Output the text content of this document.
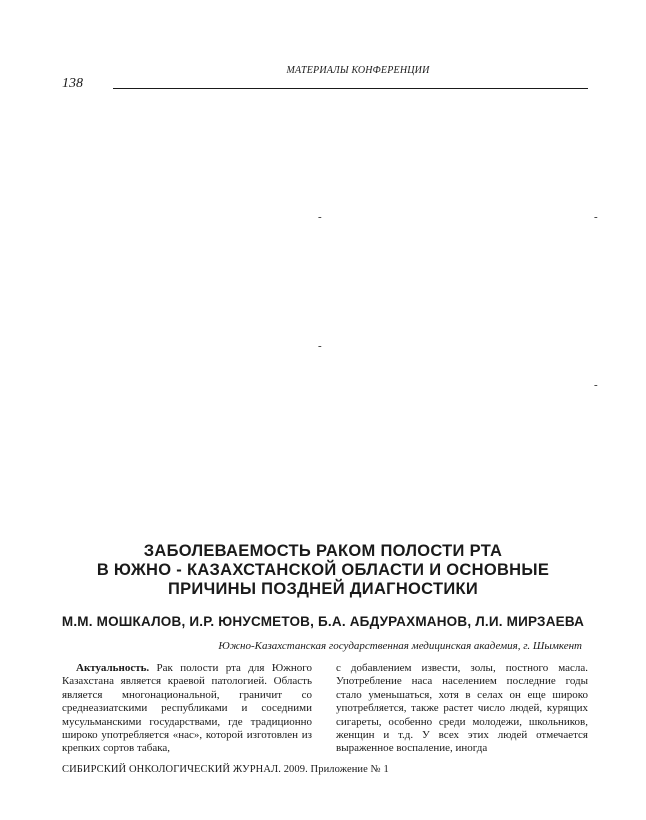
МАТЕРИАЛЫ КОНФЕРЕНЦИИ
138
-	-
-
-
ЗАБОЛЕВАЕМОСТЬ РАКОМ ПОЛОСТИ РТА
В ЮЖНО - КАЗАХСТАНСКОЙ ОБЛАСТИ И ОСНОВНЫЕ
ПРИЧИНЫ ПОЗДНЕЙ ДИАГНОСТИКИ
М.М. МОШКАЛОВ, И.Р. ЮНУСМЕТОВ, Б.А. АБДУРАХМАНОВ, Л.И. МИРЗАЕВА
Южно-Казахстанская государственная медицинская академия, г. Шымкент

Актуальность. Рак полости рта для Южного Казахстана является краевой патологией. Область является многонациональной, граничит со среднеазиатскими республиками и соседними мусульманскими государствами, где традиционно широко употребляется «нас», которой изготовлен из крепких сортов табака,

с добавлением извести, золы, постного масла. Употребление наса населением последние годы стало уменьшаться, хотя в селах он еще широко употребляется, также растет число людей, курящих сигареты, особенно среди молодежи, школьников, женщин и т.д. У всех этих людей отмечается выраженное воспаление, иногда

СИБИРСКИЙ ОНКОЛОГИЧЕСКИЙ ЖУРНАЛ. 2009. Приложение № 1
